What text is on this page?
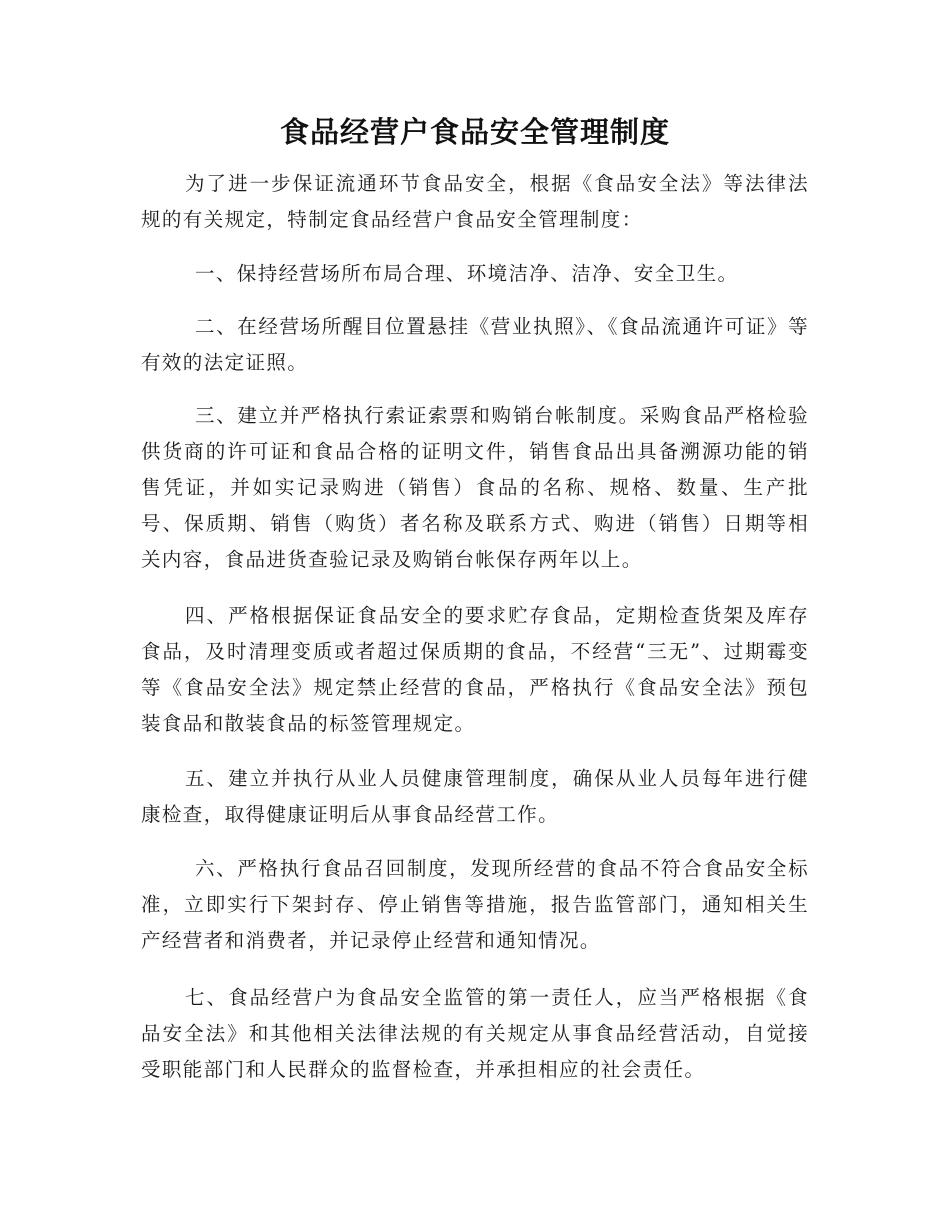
食品经营户食品安全管理制度

为了进一步保证流通环节食品安全，根据《食品安全法》等法律法规的有关规定，特制定食品经营户食品安全管理制度：

一、保持经营场所布局合理、环境洁净、洁净、安全卫生。

二、在经营场所醒目位置悬挂《营业执照》、《食品流通许可证》等有效的法定证照。

三、建立并严格执行索证索票和购销台帐制度。采购食品严格检验供货商的许可证和食品合格的证明文件，销售食品出具备溯源功能的销售凭证，并如实记录购进（销售）食品的名称、规格、数量、生产批号、保质期、销售（购货）者名称及联系方式、购进（销售）日期等相关内容，食品进货查验记录及购销台帐保存两年以上。

四、严格根据保证食品安全的要求贮存食品，定期检查货架及库存食品，及时清理变质或者超过保质期的食品，不经营“三无”、过期霉变等《食品安全法》规定禁止经营的食品，严格执行《食品安全法》预包装食品和散装食品的标签管理规定。

五、建立并执行从业人员健康管理制度，确保从业人员每年进行健康检查，取得健康证明后从事食品经营工作。

六、严格执行食品召回制度，发现所经营的食品不符合食品安全标准，立即实行下架封存、停止销售等措施，报告监管部门，通知相关生产经营者和消费者，并记录停止经营和通知情况。

七、食品经营户为食品安全监管的第一责任人，应当严格根据《食品安全法》和其他相关法律法规的有关规定从事食品经营活动，自觉接受职能部门和人民群众的监督检查，并承担相应的社会责任。
